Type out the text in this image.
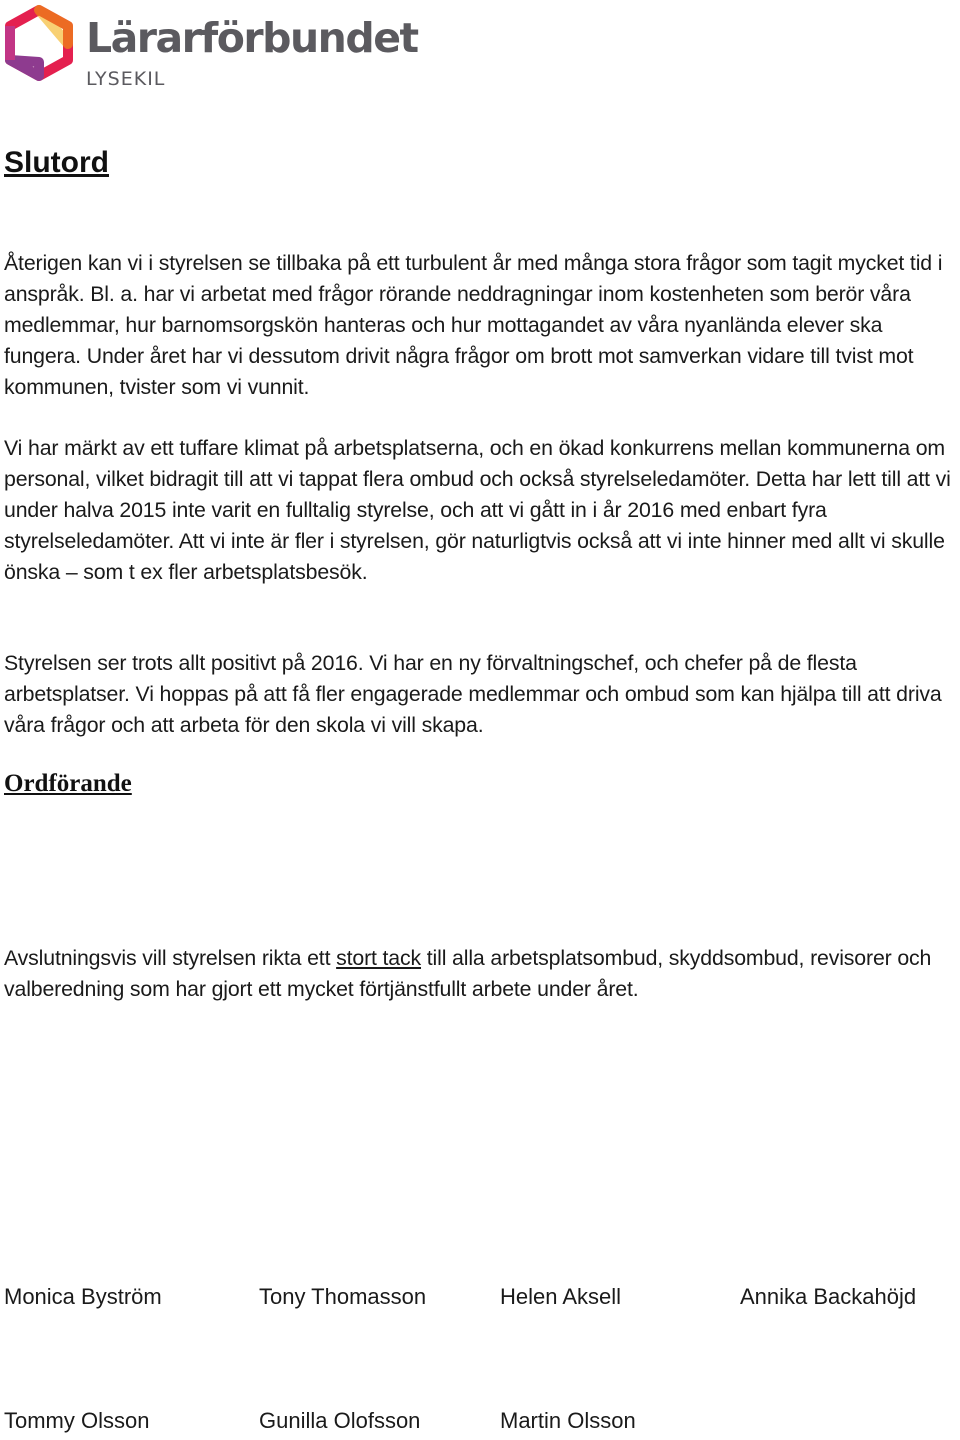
Lärarförbundet
LYSEKIL
Slutord

Återigen kan vi i styrelsen se tillbaka på ett turbulent år med många stora frågor som tagit mycket tid i anspråk. Bl. a. har vi arbetat med frågor rörande neddragningar inom kostenheten som berör våra medlemmar, hur barnomsorgskön hanteras och hur mottagandet av våra nyanlända elever ska fungera. Under året har vi dessutom drivit några frågor om brott mot samverkan vidare till tvist mot kommunen, tvister som vi vunnit.

Vi har märkt av ett tuffare klimat på arbetsplatserna, och en ökad konkurrens mellan kommunerna om personal, vilket bidragit till att vi tappat flera ombud och också styrelseledamöter. Detta har lett till att vi under halva 2015 inte varit en fulltalig styrelse, och att vi gått in i år 2016 med enbart fyra styrelseledamöter. Att vi inte är fler i styrelsen, gör naturligtvis också att vi inte hinner med allt vi skulle önska – som t ex fler arbetsplatsbesök.

Styrelsen ser trots allt positivt på 2016. Vi har en ny förvaltningschef, och chefer på de flesta arbetsplatser. Vi hoppas på att få fler engagerade medlemmar och ombud som kan hjälpa till att driva våra frågor och att arbeta för den skola vi vill skapa.

Ordförande

Avslutningsvis vill styrelsen rikta ett stort tack till alla arbetsplatsombud, skyddsombud, revisorer och valberedning som har gjort ett mycket förtjänstfullt arbete under året.

Monica Byström	Tony Thomasson	Helen Aksell	Annika Backahöjd
Tommy Olsson	Gunilla Olofsson	Martin Olsson
